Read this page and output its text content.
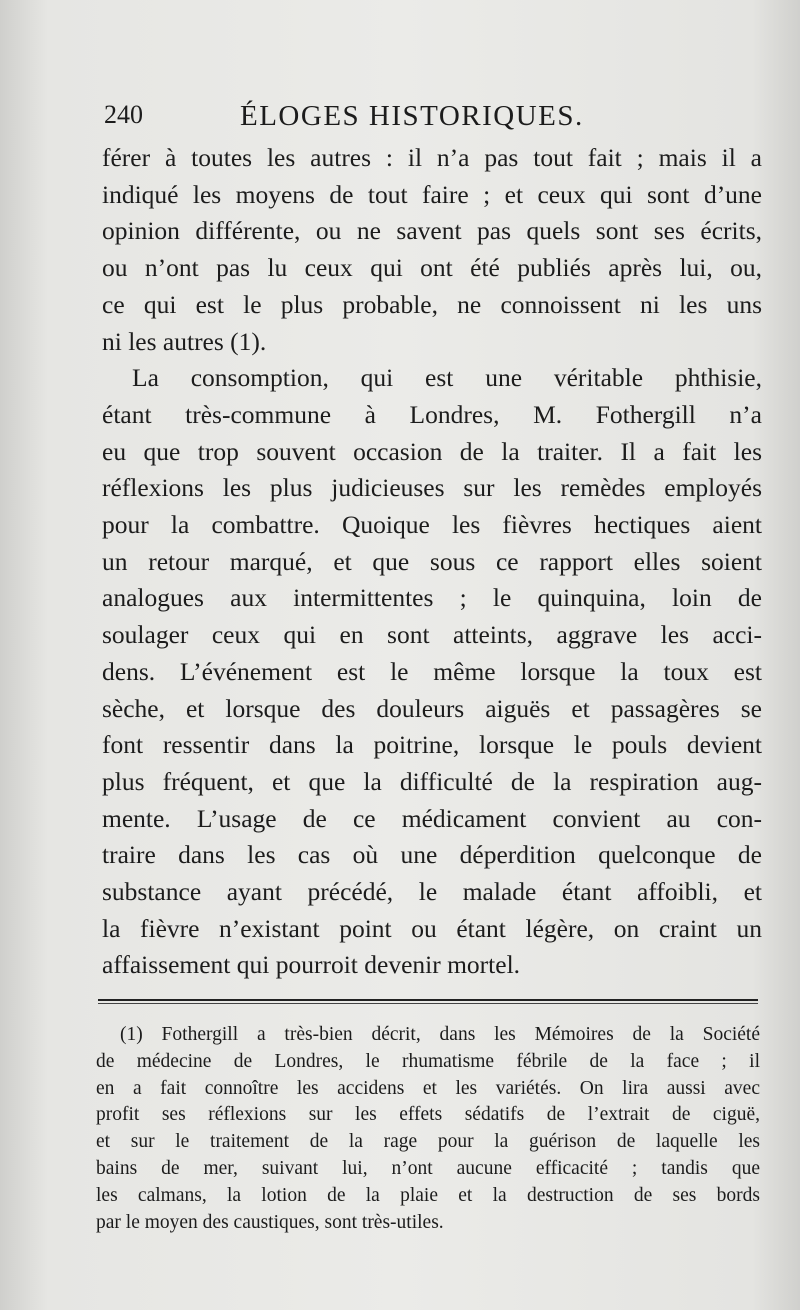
240	ÉLOGES HISTORIQUES.
férer à toutes les autres : il n’a pas tout fait ; mais il a
indiqué les moyens de tout faire ; et ceux qui sont d’une
opinion différente, ou ne savent pas quels sont ses écrits,
ou n’ont pas lu ceux qui ont été publiés après lui, ou,
ce qui est le plus probable, ne connoissent ni les uns
ni les autres (1).
La consomption, qui est une véritable phthisie,
étant très-commune à Londres, M. Fothergill n’a
eu que trop souvent occasion de la traiter. Il a fait les
réflexions les plus judicieuses sur les remèdes employés
pour la combattre. Quoique les fièvres hectiques aient
un retour marqué, et que sous ce rapport elles soient
analogues aux intermittentes ; le quinquina, loin de
soulager ceux qui en sont atteints, aggrave les acci-
dens. L’événement est le même lorsque la toux est
sèche, et lorsque des douleurs aiguës et passagères se
font ressentir dans la poitrine, lorsque le pouls devient
plus fréquent, et que la difficulté de la respiration aug-
mente. L’usage de ce médicament convient au con-
traire dans les cas où une déperdition quelconque de
substance ayant précédé, le malade étant affoibli, et
la fièvre n’existant point ou étant légère, on craint un
affaissement qui pourroit devenir mortel.
(1) Fothergill a très-bien décrit, dans les Mémoires de la Société
de médecine de Londres, le rhumatisme fébrile de la face ; il
en a fait connoître les accidens et les variétés. On lira aussi avec
profit ses réflexions sur les effets sédatifs de l’extrait de ciguë,
et sur le traitement de la rage pour la guérison de laquelle les
bains de mer, suivant lui, n’ont aucune efficacité ; tandis que
les calmans, la lotion de la plaie et la destruction de ses bords
par le moyen des caustiques, sont très-utiles.
